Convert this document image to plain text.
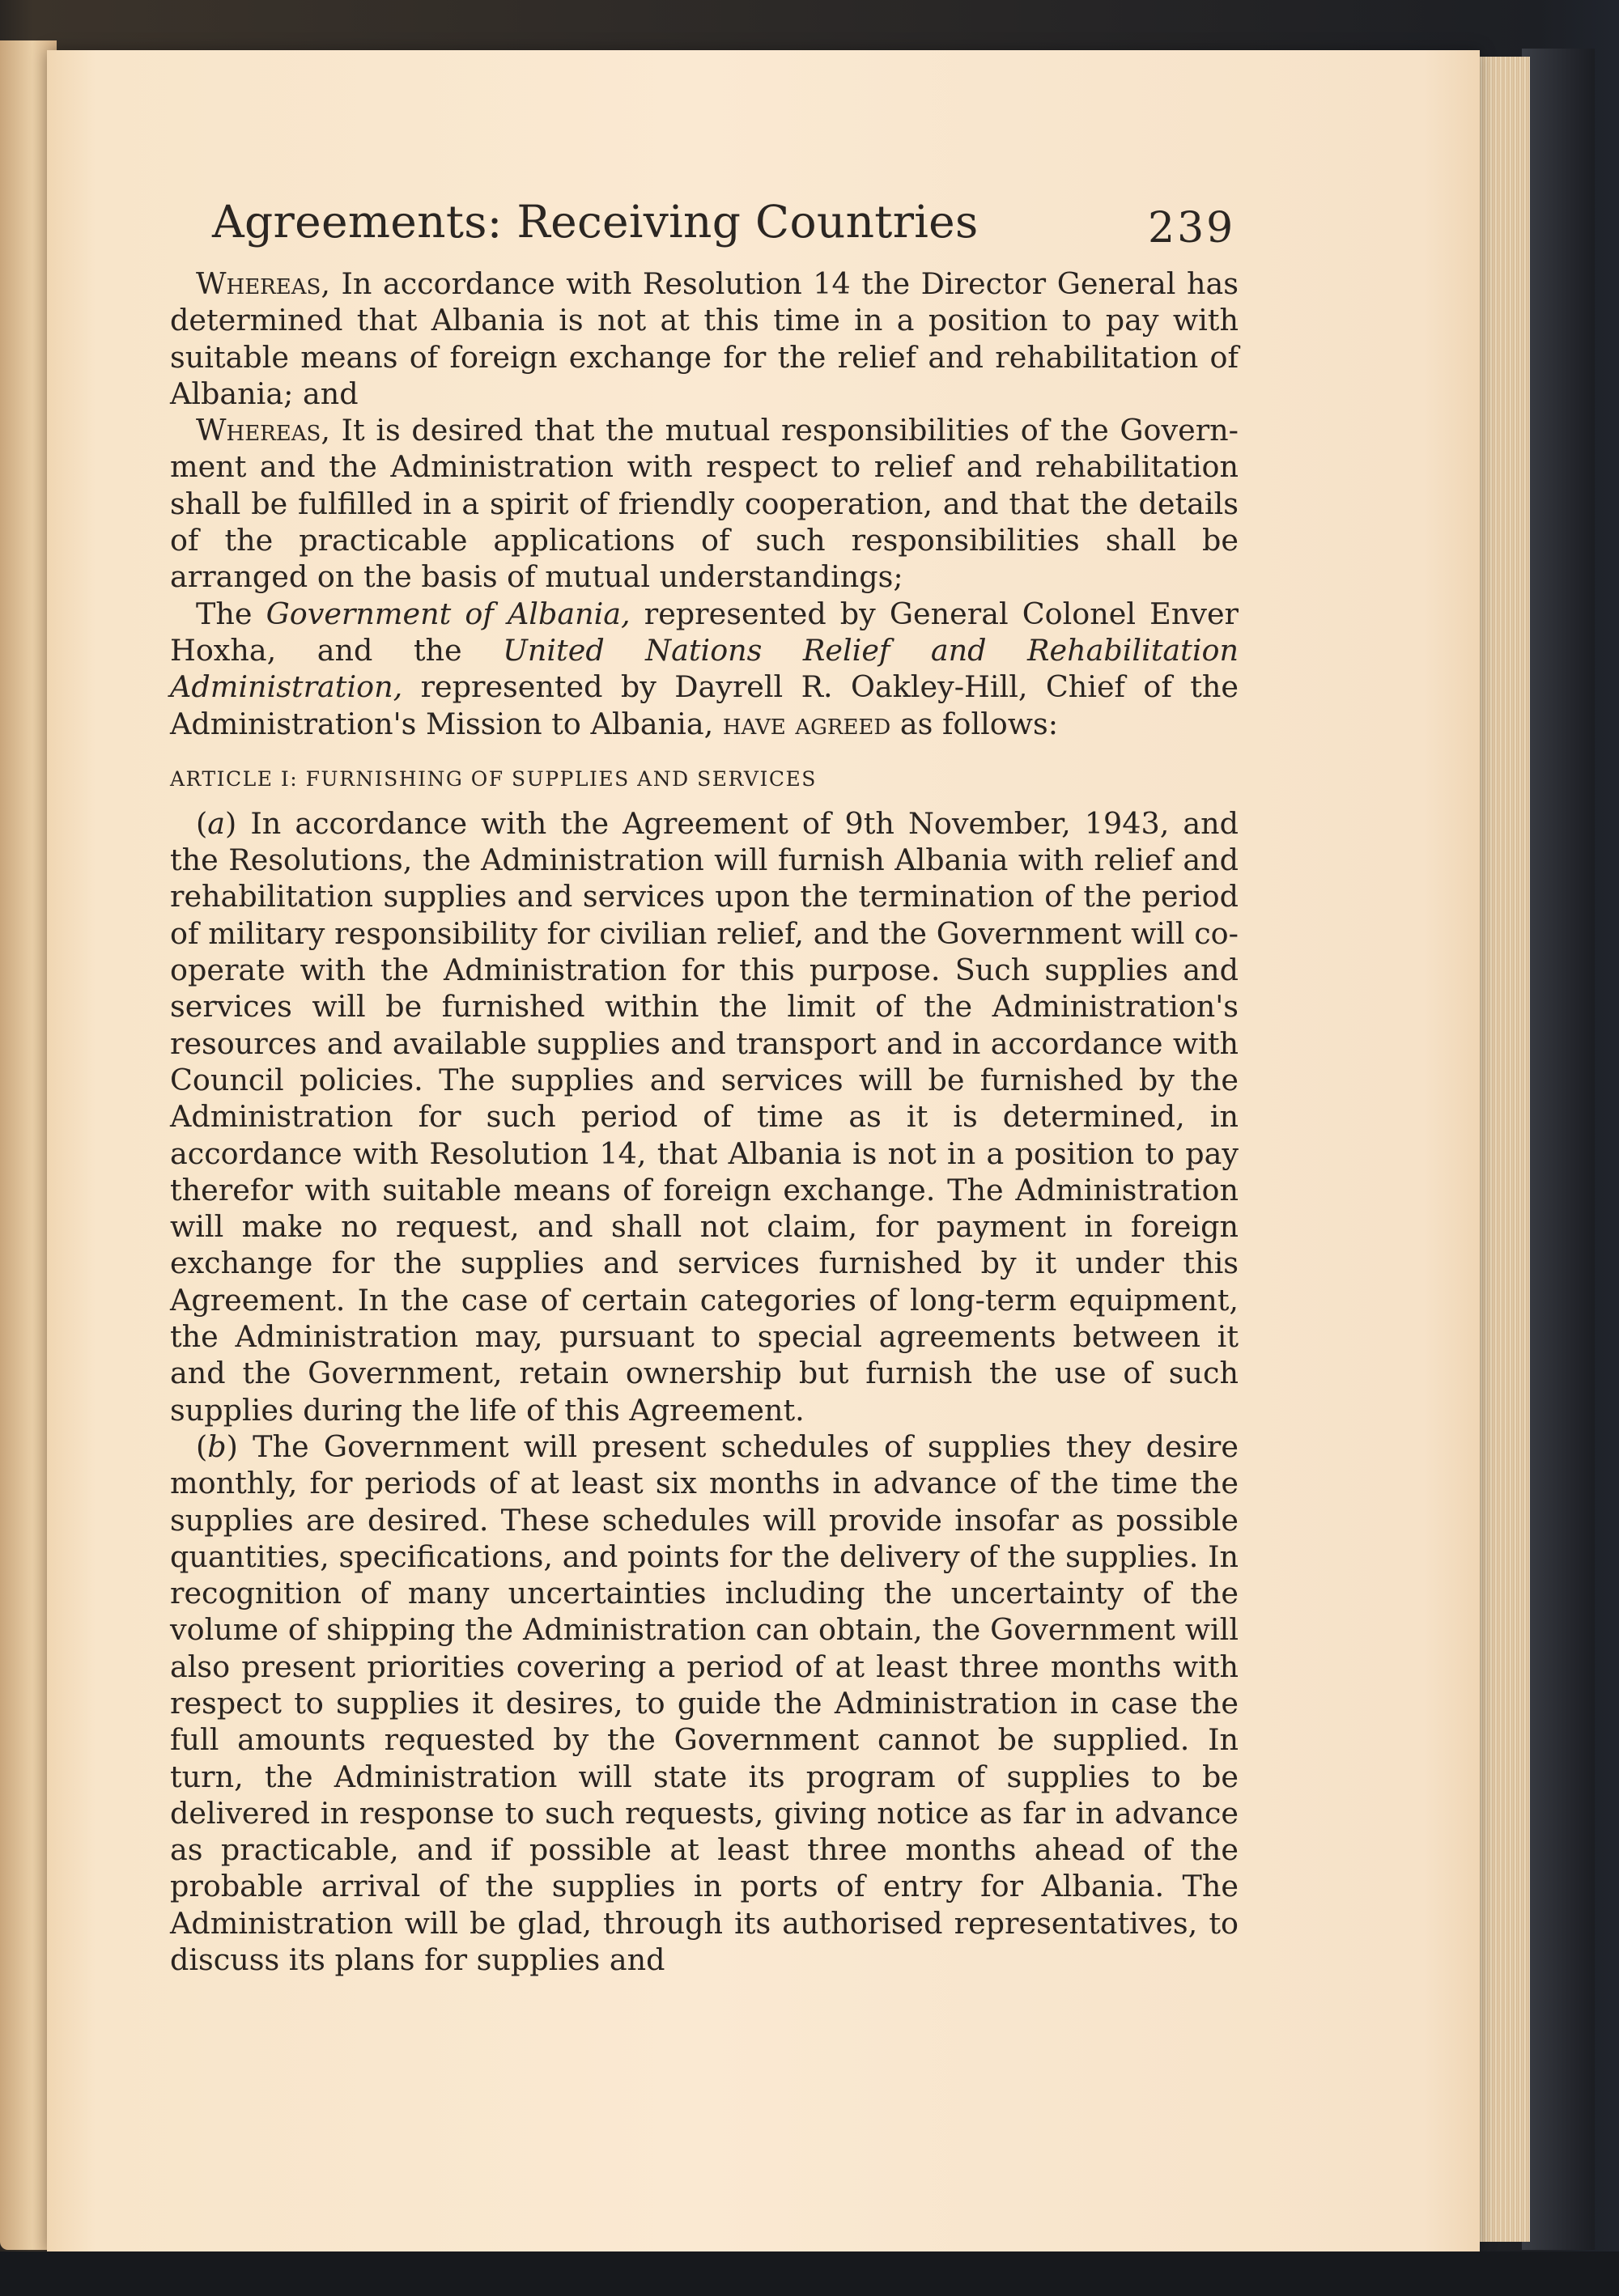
Agreements: Receiving Countries	239

Whereas, In accordance with Resolution 14 the Director General has determined that Albania is not at this time in a position to pay with suitable means of foreign exchange for the relief and rehabilitation of Albania; and

Whereas, It is desired that the mutual responsibilities of the Government and the Administration with respect to relief and rehabilitation shall be fulfilled in a spirit of friendly cooperation, and that the details of the practicable applications of such responsibilities shall be arranged on the basis of mutual understandings;

The Government of Albania, represented by General Colonel Enver Hoxha, and the United Nations Relief and Rehabilitation Administration, represented by Dayrell R. Oakley-Hill, Chief of the Administration's Mission to Albania, have agreed as follows:

ARTICLE I: FURNISHING OF SUPPLIES AND SERVICES

(a) In accordance with the Agreement of 9th November, 1943, and the Resolutions, the Administration will furnish Albania with relief and rehabilitation supplies and services upon the termination of the period of military responsibility for civilian relief, and the Government will cooperate with the Administration for this purpose. Such supplies and services will be furnished within the limit of the Administration's resources and available supplies and transport and in accordance with Council policies. The supplies and services will be furnished by the Administration for such period of time as it is determined, in accordance with Resolution 14, that Albania is not in a position to pay therefor with suitable means of foreign exchange. The Administration will make no request, and shall not claim, for payment in foreign exchange for the supplies and services furnished by it under this Agreement. In the case of certain categories of long-term equipment, the Administration may, pursuant to special agreements between it and the Government, retain ownership but furnish the use of such supplies during the life of this Agreement.

(b) The Government will present schedules of supplies they desire monthly, for periods of at least six months in advance of the time the supplies are desired. These schedules will provide insofar as possible quantities, specifications, and points for the delivery of the supplies. In recognition of many uncertainties including the uncertainty of the volume of shipping the Administration can obtain, the Government will also present priorities covering a period of at least three months with respect to supplies it desires, to guide the Administration in case the full amounts requested by the Government cannot be supplied. In turn, the Administration will state its program of supplies to be delivered in response to such requests, giving notice as far in advance as practicable, and if possible at least three months ahead of the probable arrival of the supplies in ports of entry for Albania. The Administration will be glad, through its authorised representatives, to discuss its plans for supplies and
